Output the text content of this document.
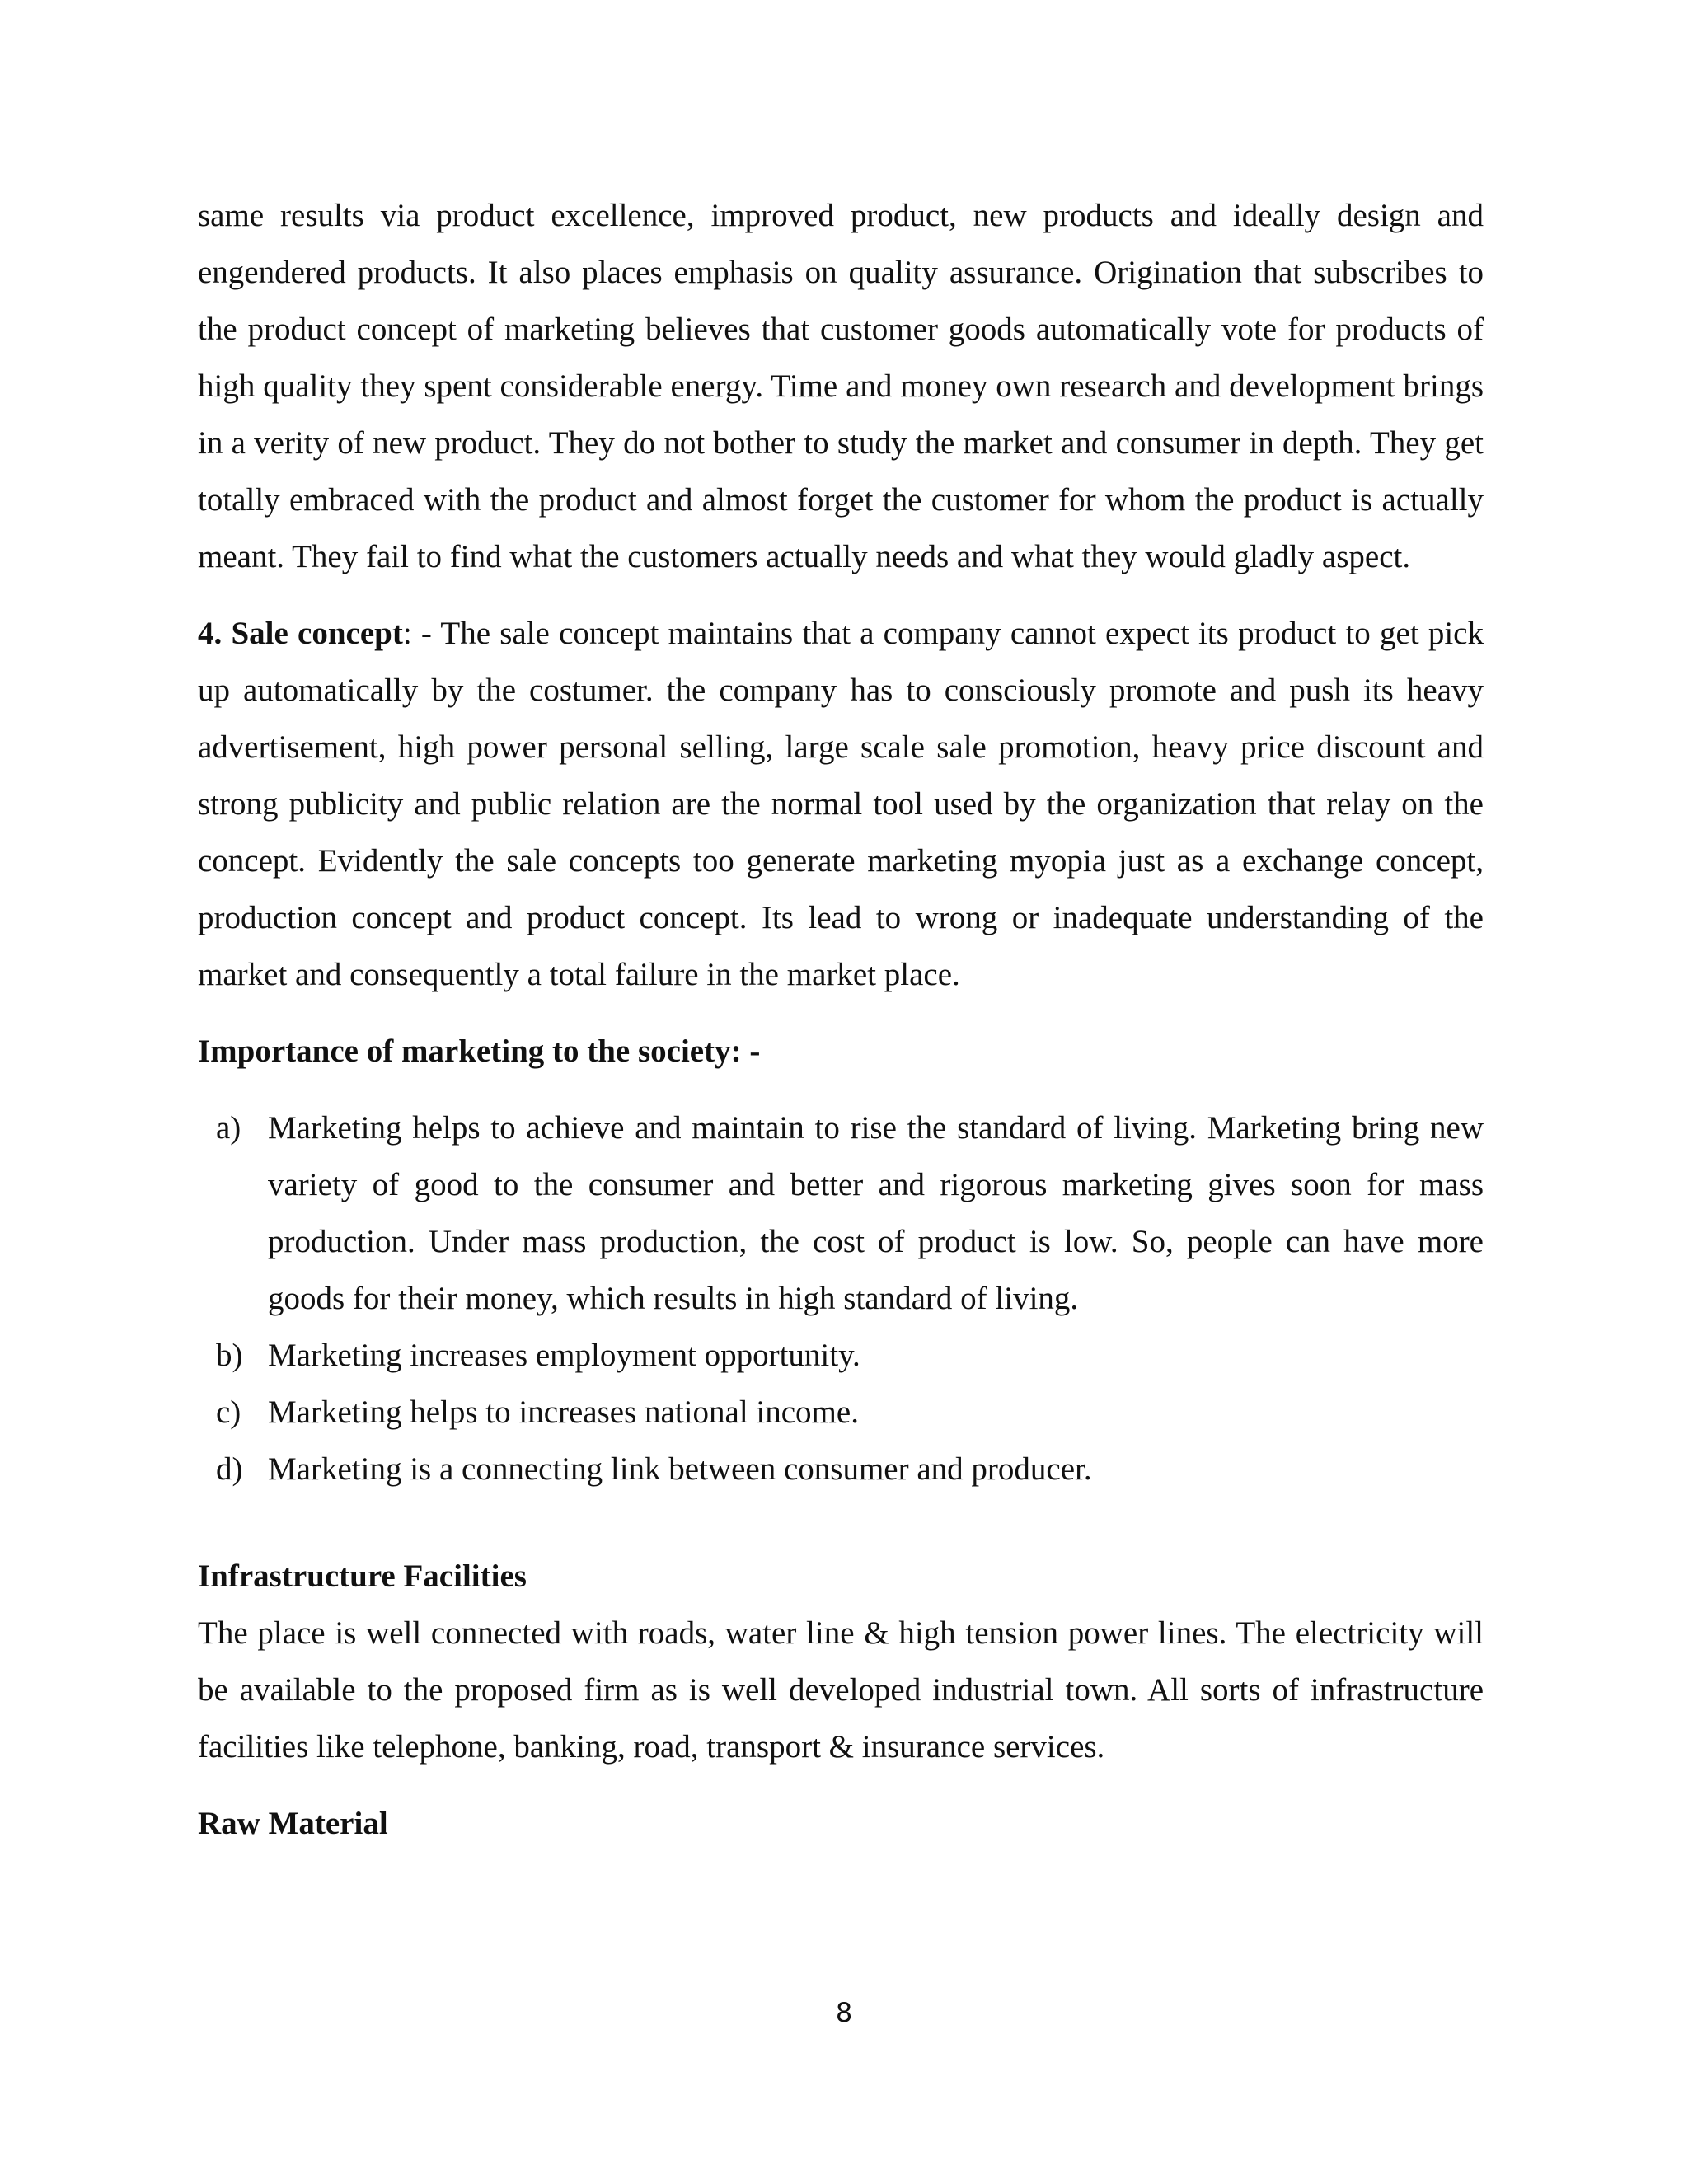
same results via product excellence, improved product, new products and ideally design and engendered products. It also places emphasis on quality assurance. Origination that subscribes to the product concept of marketing believes that customer goods automatically vote for products of high quality they spent considerable energy. Time and money own research and development brings in a verity of new product. They do not bother to study the market and consumer in depth. They get totally embraced with the product and almost forget the customer for whom the product is actually meant. They fail to find what the customers actually needs and what they would gladly aspect.

4. Sale concept: - The sale concept maintains that a company cannot expect its product to get pick up automatically by the costumer. the company has to consciously promote and push its heavy advertisement, high power personal selling, large scale sale promotion, heavy price discount and strong publicity and public relation are the normal tool used by the organization that relay on the concept. Evidently the sale concepts too generate marketing myopia just as a exchange concept, production concept and product concept. Its lead to wrong or inadequate understanding of the market and consequently a total failure in the market place.

Importance of marketing to the society: -

a) Marketing helps to achieve and maintain to rise the standard of living. Marketing bring new variety of good to the consumer and better and rigorous marketing gives soon for mass production. Under mass production, the cost of product is low. So, people can have more goods for their money, which results in high standard of living.
b) Marketing increases employment opportunity.
c) Marketing helps to increases national income.
d) Marketing is a connecting link between consumer and producer.

Infrastructure Facilities

The place is well connected with roads, water line & high tension power lines. The electricity will be available to the proposed firm as is well developed industrial town. All sorts of infrastructure facilities like telephone, banking, road, transport & insurance services.

Raw Material

8
